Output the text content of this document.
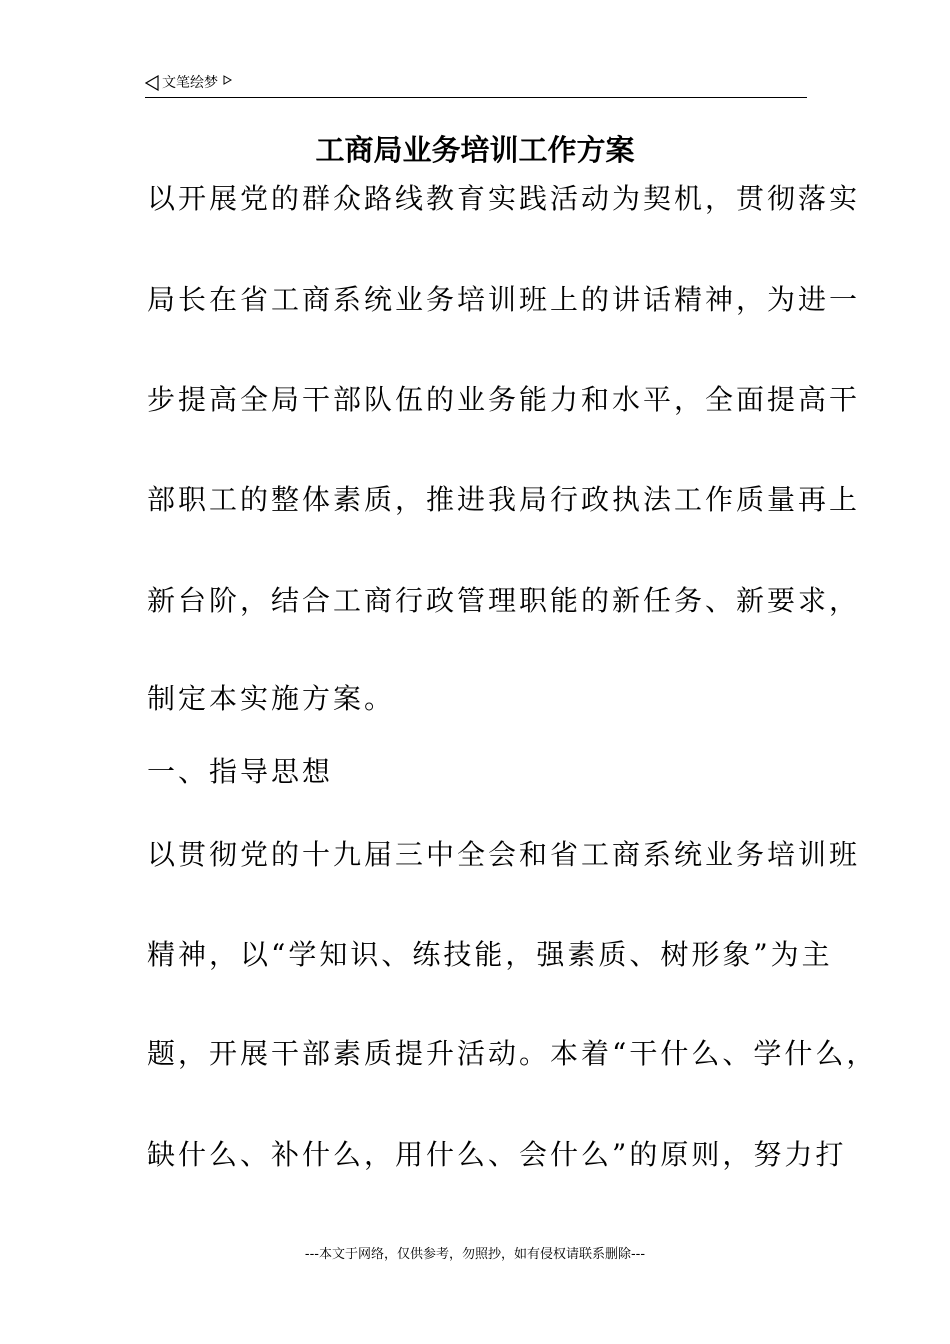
文笔绘梦
工商局业务培训工作方案
以开展党的群众路线教育实践活动为契机，贯彻落实
局长在省工商系统业务培训班上的讲话精神，为进一
步提高全局干部队伍的业务能力和水平，全面提高干
部职工的整体素质，推进我局行政执法工作质量再上
新台阶，结合工商行政管理职能的新任务、新要求，
制定本实施方案。
一、指导思想
以贯彻党的十九届三中全会和省工商系统业务培训班
精神，以“学知识、练技能，强素质、树形象”为主
题，开展干部素质提升活动。本着“干什么、学什么，
缺什么、补什么，用什么、会什么”的原则，努力打
---本文于网络，仅供参考，勿照抄，如有侵权请联系删除---
